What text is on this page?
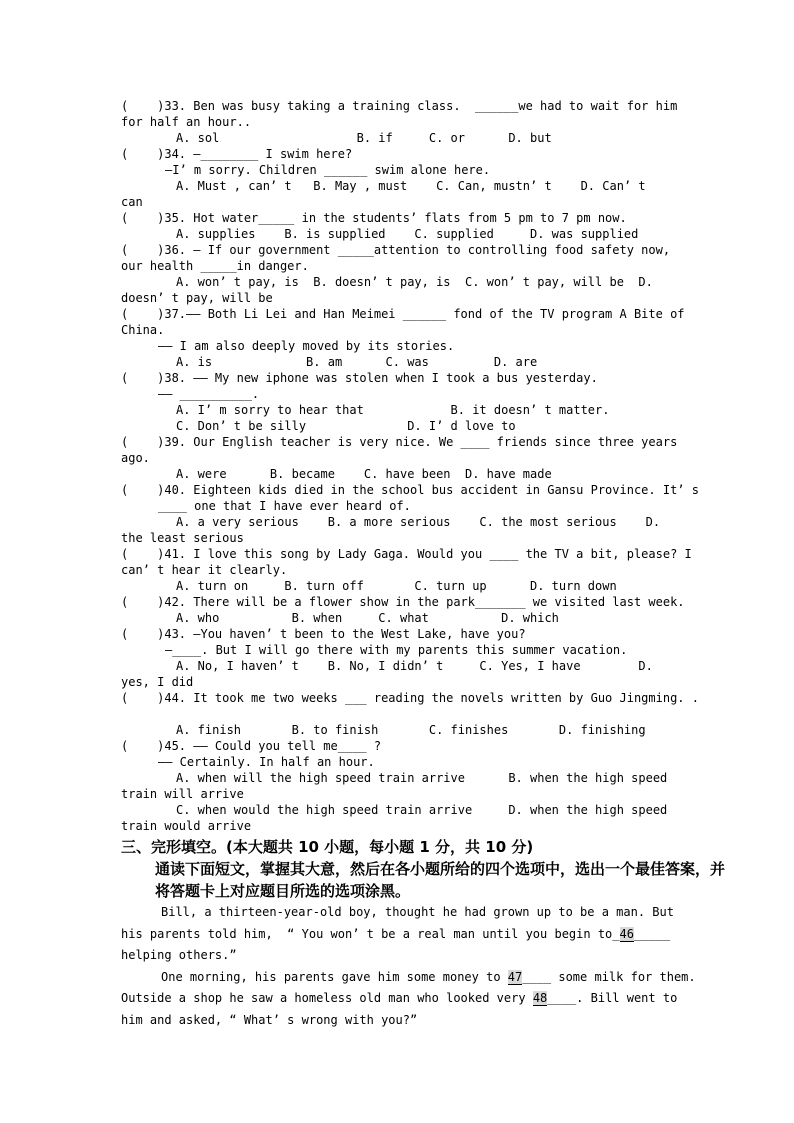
(    )33. Ben was busy taking a training class.  ______we had to wait for him
for half an hour..
A. sol                   B. if     C. or      D. but
(    )34. —________ I swim here?
—I’ m sorry. Children ______ swim alone here.
A. Must , can’ t   B. May , must    C. Can, mustn’ t    D. Can’ t
can
(    )35. Hot water_____ in the students’ flats from 5 pm to 7 pm now.
A. supplies    B. is supplied    C. supplied     D. was supplied
(    )36. — If our government _____attention to controlling food safety now,
our health _____in danger.
A. won’ t pay, is  B. doesn’ t pay, is  C. won’ t pay, will be  D.
doesn’ t pay, will be
(    )37.—— Both Li Lei and Han Meimei ______ fond of the TV program A Bite of
China.
—— I am also deeply moved by its stories.
A. is             B. am      C. was         D. are
(    )38. —— My new iphone was stolen when I took a bus yesterday.
—— __________.
A. I’ m sorry to hear that            B. it doesn’ t matter.
C. Don’ t be silly              D. I’ d love to
(    )39. Our English teacher is very nice. We ____ friends since three years
ago.
A. were      B. became    C. have been  D. have made
(    )40. Eighteen kids died in the school bus accident in Gansu Province. It’ s
____ one that I have ever heard of.
A. a very serious    B. a more serious    C. the most serious    D.
the least serious
(    )41. I love this song by Lady Gaga. Would you ____ the TV a bit, please? I
can’ t hear it clearly.
A. turn on     B. turn off       C. turn up      D. turn down
(    )42. There will be a flower show in the park_______ we visited last week.
A. who          B. when     C. what          D. which
(    )43. —You haven’ t been to the West Lake, have you?
—____. But I will go there with my parents this summer vacation.
A. No, I haven’ t    B. No, I didn’ t     C. Yes, I have        D.
yes, I did
(    )44. It took me two weeks ___ reading the novels written by Guo Jingming. .
A. finish       B. to finish       C. finishes       D. finishing
(    )45. —— Could you tell me____ ?
—— Certainly. In half an hour.
A. when will the high speed train arrive      B. when the high speed
train will arrive
C. when would the high speed train arrive     D. when the high speed
train would arrive
三、完形填空。(本大题共 10 小题，每小题 1 分，共 10 分)
通读下面短文，掌握其大意，然后在各小题所给的四个选项中，选出一个最佳答案，并
将答题卡上对应题目所选的选项涂黑。
Bill, a thirteen-year-old boy, thought he had grown up to be a man. But
his parents told him,  “ You won’ t be a real man until you begin to_46_____
helping others.”
One morning, his parents gave him some money to 47____ some milk for them.
Outside a shop he saw a homeless old man who looked very 48____. Bill went to
him and asked, “ What’ s wrong with you?”
